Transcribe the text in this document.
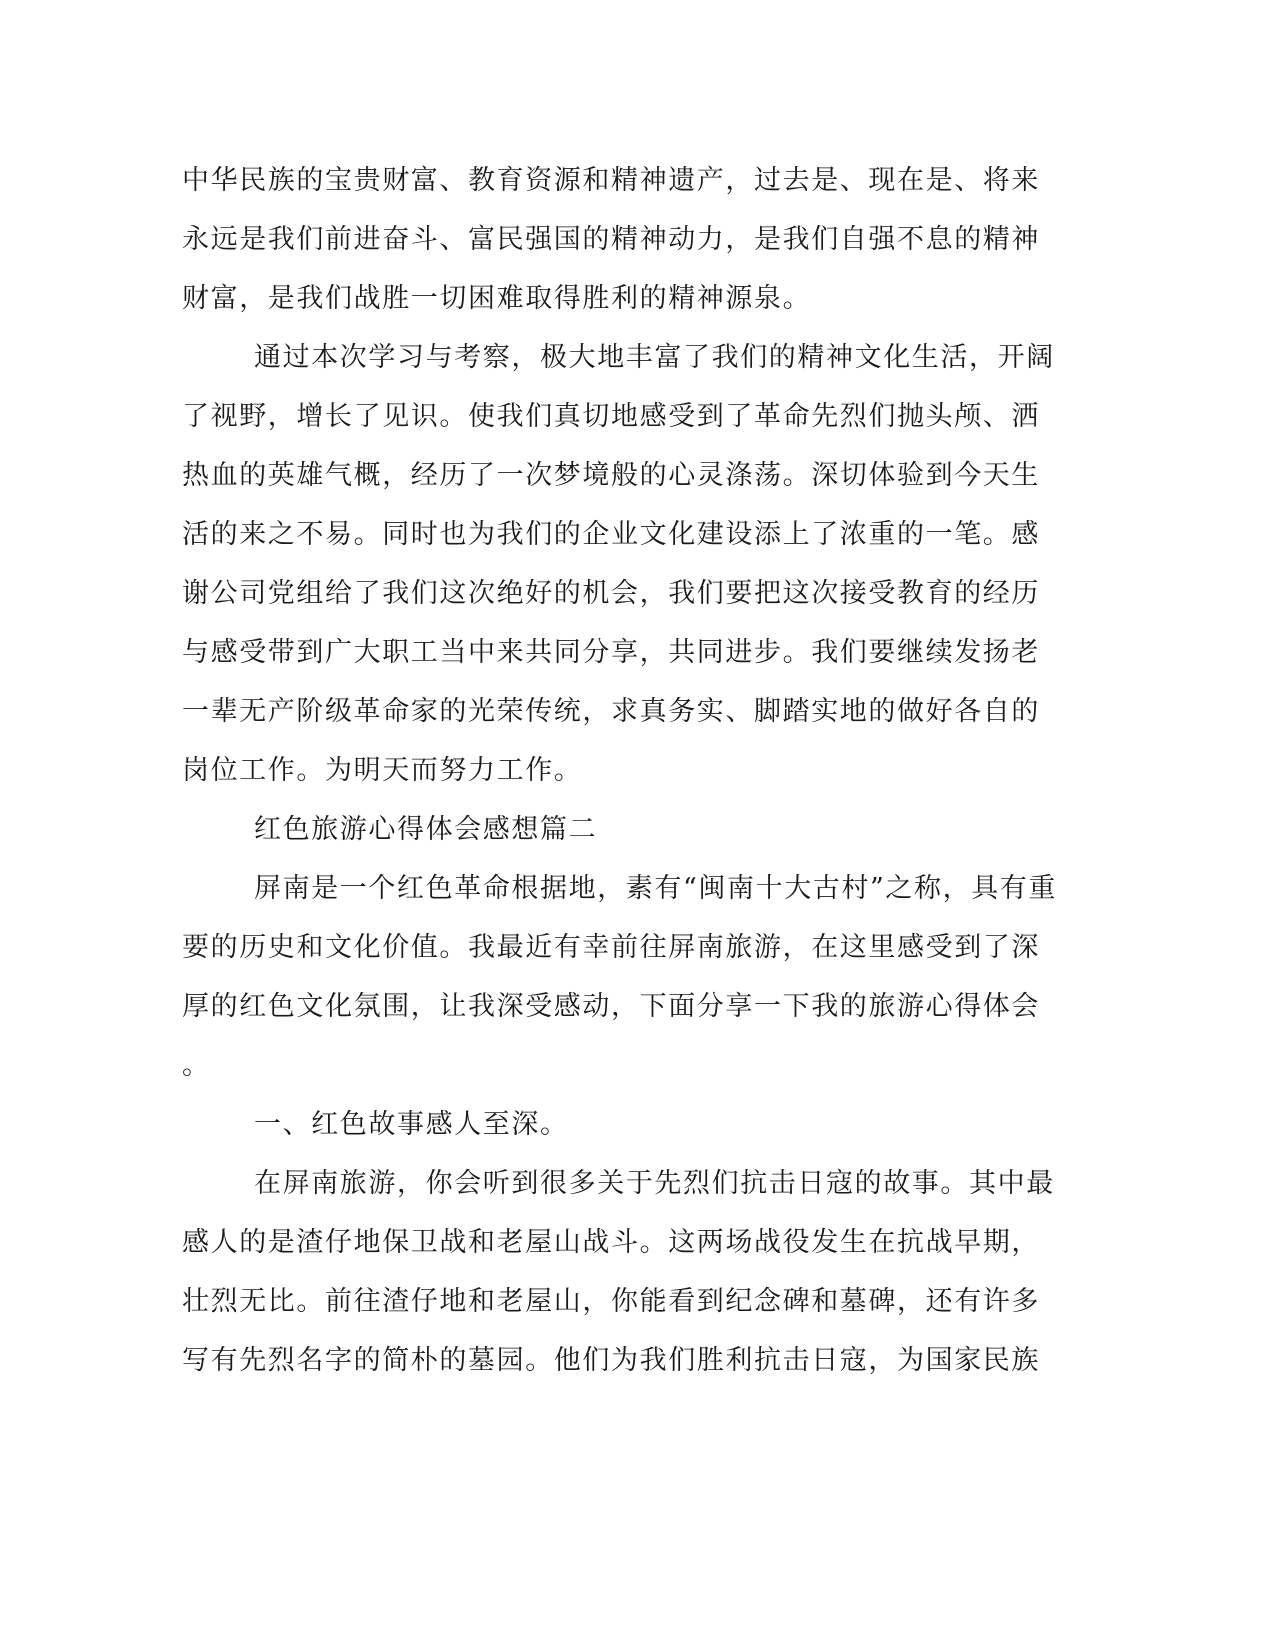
中华民族的宝贵财富、教育资源和精神遗产，过去是、现在是、将来
永远是我们前进奋斗、富民强国的精神动力，是我们自强不息的精神
财富，是我们战胜一切困难取得胜利的精神源泉。
通过本次学习与考察，极大地丰富了我们的精神文化生活，开阔
了视野，增长了见识。使我们真切地感受到了革命先烈们抛头颅、洒
热血的英雄气概，经历了一次梦境般的心灵涤荡。深切体验到今天生
活的来之不易。同时也为我们的企业文化建设添上了浓重的一笔。感
谢公司党组给了我们这次绝好的机会，我们要把这次接受教育的经历
与感受带到广大职工当中来共同分享，共同进步。我们要继续发扬老
一辈无产阶级革命家的光荣传统，求真务实、脚踏实地的做好各自的
岗位工作。为明天而努力工作。
红色旅游心得体会感想篇二
屏南是一个红色革命根据地，素有“闽南十大古村”之称，具有重
要的历史和文化价值。我最近有幸前往屏南旅游，在这里感受到了深
厚的红色文化氛围，让我深受感动，下面分享一下我的旅游心得体会
。
一、红色故事感人至深。
在屏南旅游，你会听到很多关于先烈们抗击日寇的故事。其中最
感人的是渣仔地保卫战和老屋山战斗。这两场战役发生在抗战早期，
壮烈无比。前往渣仔地和老屋山，你能看到纪念碑和墓碑，还有许多
写有先烈名字的简朴的墓园。他们为我们胜利抗击日寇，为国家民族
